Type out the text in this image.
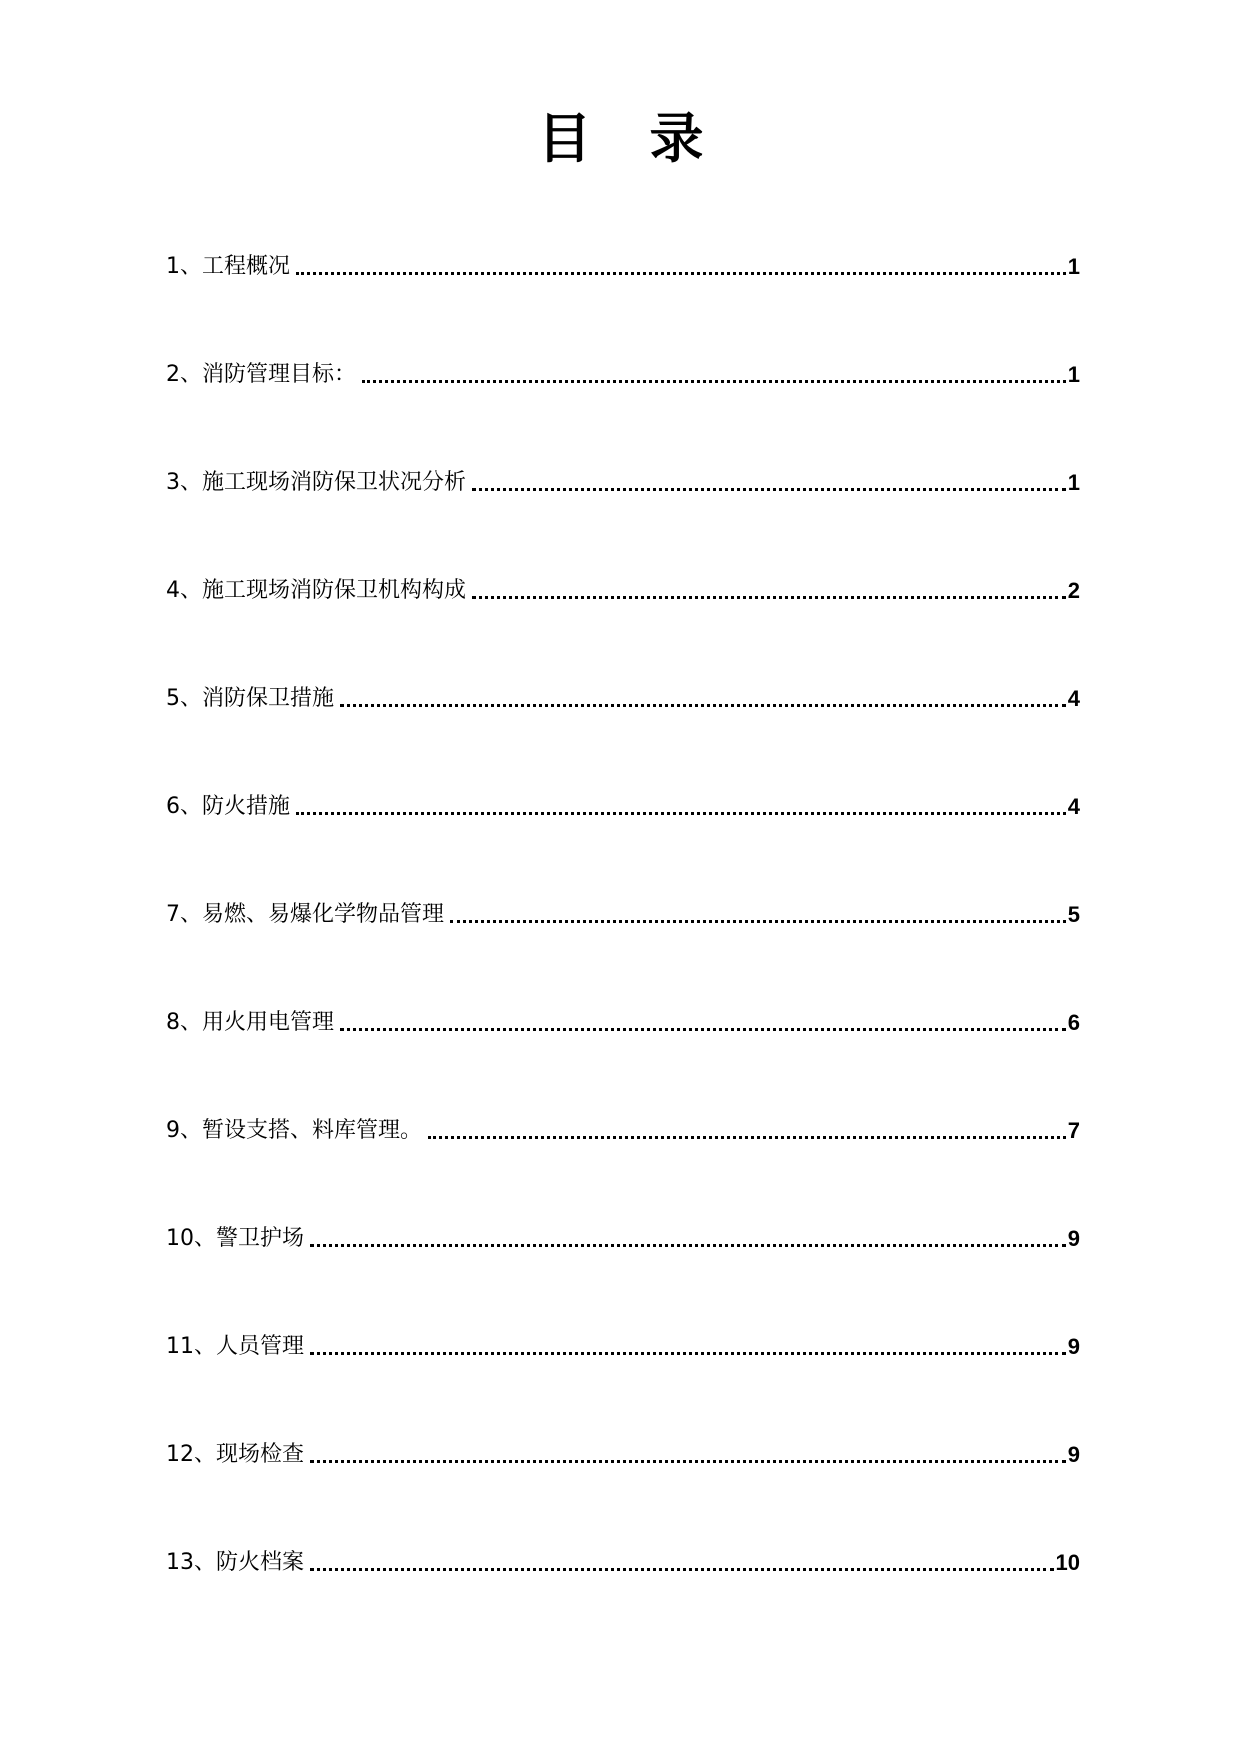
目 录
1、工程概况	1
2、消防管理目标：	1
3、施工现场消防保卫状况分析	1
4、施工现场消防保卫机构构成	2
5、消防保卫措施	4
6、防火措施	4
7、易燃、易爆化学物品管理	5
8、用火用电管理	6
9、暂设支搭、料库管理。	7
10、警卫护场	9
11、人员管理	9
12、现场检查	9
13、防火档案	10
